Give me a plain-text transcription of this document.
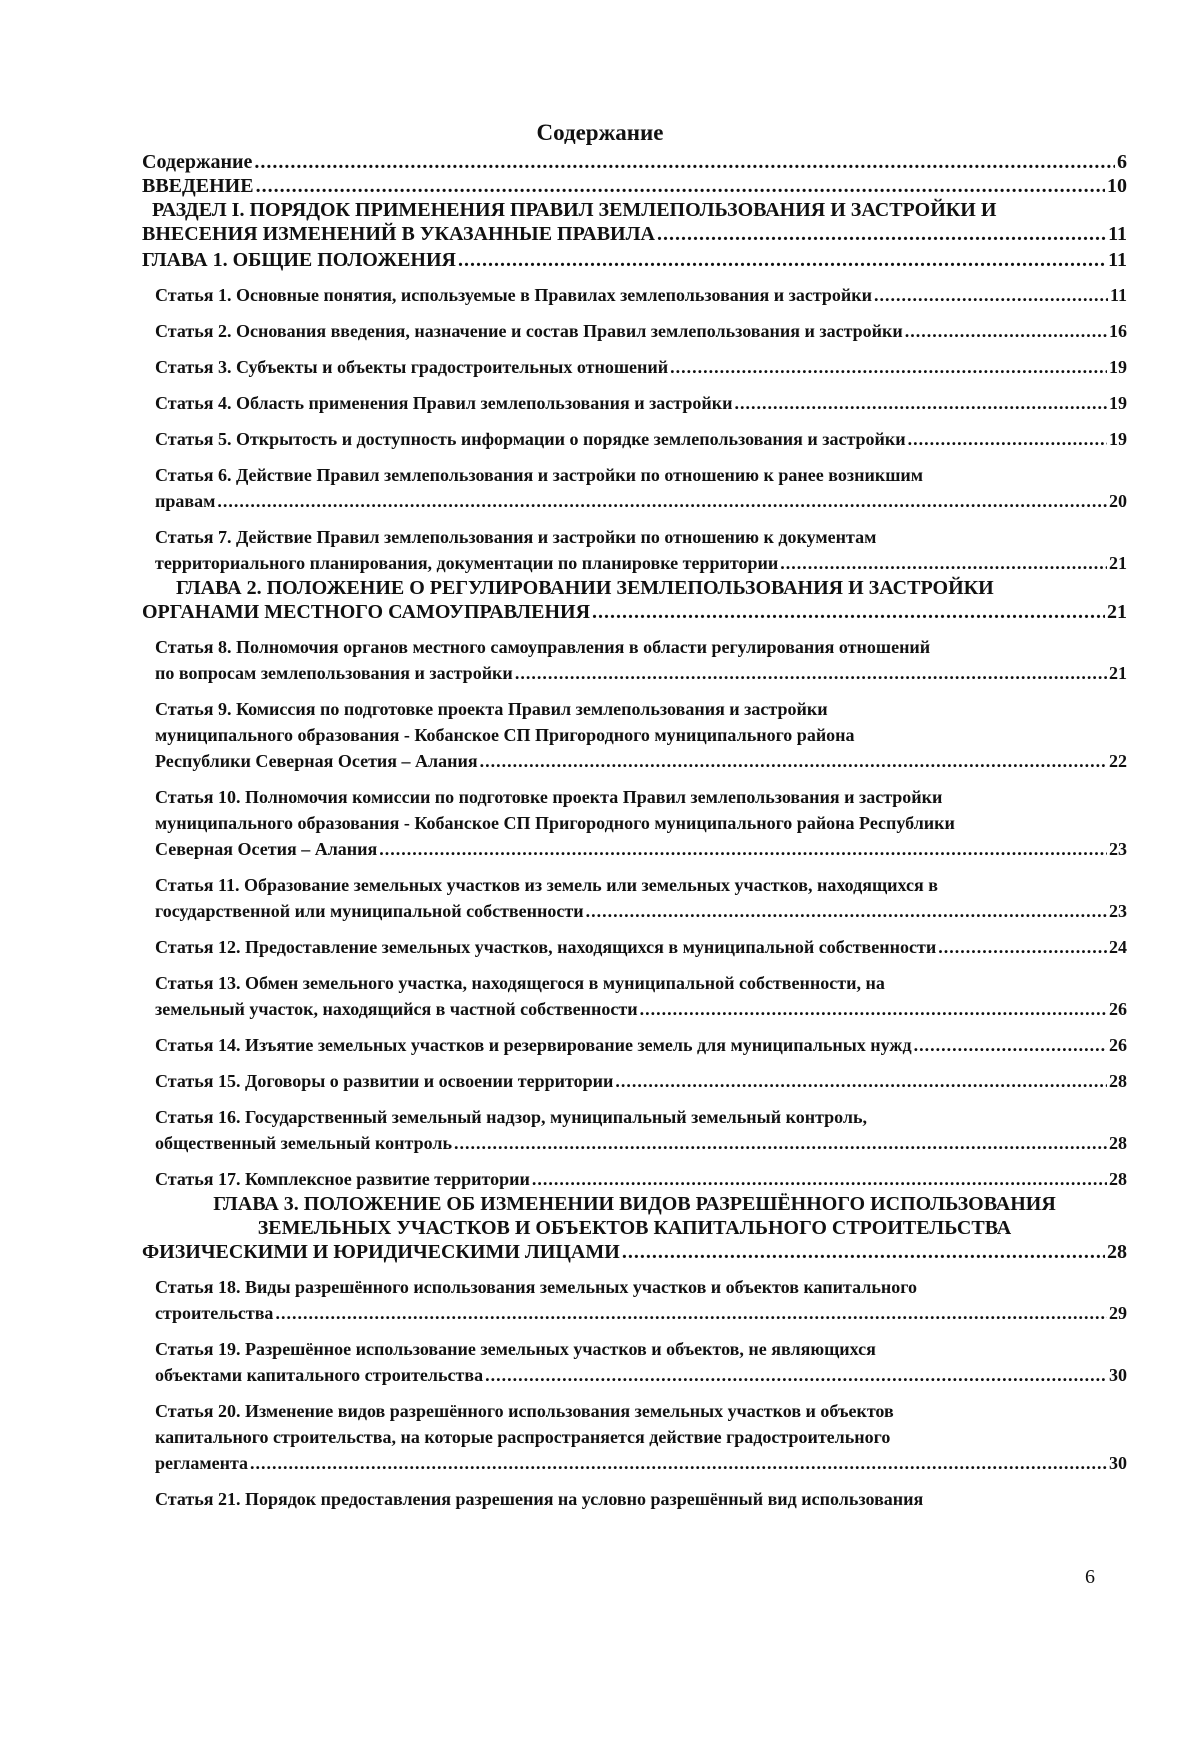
Содержание
Содержание .....	6
ВВЕДЕНИЕ .....	10
РАЗДЕЛ I. ПОРЯДОК ПРИМЕНЕНИЯ ПРАВИЛ ЗЕМЛЕПОЛЬЗОВАНИЯ И ЗАСТРОЙКИ И
ВНЕСЕНИЯ ИЗМЕНЕНИЙ В УКАЗАННЫЕ ПРАВИЛА .....	11
ГЛАВА 1. ОБЩИЕ ПОЛОЖЕНИЯ .....	11
Статья 1. Основные понятия, используемые в Правилах землепользования и застройки .....	11
Статья 2. Основания введения, назначение и состав Правил землепользования и застройки .....	16
Статья 3. Субъекты и объекты градостроительных отношений .....	19
Статья 4. Область применения Правил землепользования и застройки .....	19
Статья 5. Открытость и доступность информации о порядке землепользования и застройки .....	19
Статья 6. Действие Правил землепользования и застройки по отношению к ранее возникшим
правам .....	20
Статья 7. Действие Правил землепользования и застройки по отношению к документам
территориального планирования, документации по планировке территории .....	21
ГЛАВА 2. ПОЛОЖЕНИЕ О РЕГУЛИРОВАНИИ ЗЕМЛЕПОЛЬЗОВАНИЯ И ЗАСТРОЙКИ
ОРГАНАМИ МЕСТНОГО САМОУПРАВЛЕНИЯ .....	21
Статья 8. Полномочия органов местного самоуправления в области регулирования отношений
по вопросам землепользования и застройки .....	21
Статья 9. Комиссия по подготовке проекта Правил землепользования и застройки
муниципального образования - Кобанское СП Пригородного муниципального района
Республики Северная Осетия – Алания .....	22
Статья 10. Полномочия комиссии по подготовке проекта Правил землепользования и застройки
муниципального образования - Кобанское СП Пригородного муниципального района Республики
Северная Осетия – Алания .....	23
Статья 11. Образование земельных участков из земель или земельных участков, находящихся в
государственной или муниципальной собственности .....	23
Статья 12. Предоставление земельных участков, находящихся в муниципальной собственности .....	24
Статья 13. Обмен земельного участка, находящегося в муниципальной собственности, на
земельный участок, находящийся в частной собственности .....	26
Статья 14. Изъятие земельных участков и резервирование земель для муниципальных нужд .....	26
Статья 15. Договоры о развитии и освоении территории .....	28
Статья 16. Государственный земельный надзор, муниципальный земельный контроль,
общественный земельный контроль .....	28
Статья 17. Комплексное развитие территории .....	28
ГЛАВА 3. ПОЛОЖЕНИЕ ОБ ИЗМЕНЕНИИ ВИДОВ РАЗРЕШЁННОГО ИСПОЛЬЗОВАНИЯ
ЗЕМЕЛЬНЫХ УЧАСТКОВ И ОБЪЕКТОВ КАПИТАЛЬНОГО СТРОИТЕЛЬСТВА
ФИЗИЧЕСКИМИ И ЮРИДИЧЕСКИМИ ЛИЦАМИ .....	28
Статья 18. Виды разрешённого использования земельных участков и объектов капитального
строительства .....	29
Статья 19. Разрешённое использование земельных участков и объектов, не являющихся
объектами капитального строительства .....	30
Статья 20. Изменение видов разрешённого использования земельных участков и объектов
капитального строительства, на которые распространяется действие градостроительного
регламента .....	30
Статья 21. Порядок предоставления разрешения на условно разрешённый вид использования
6
